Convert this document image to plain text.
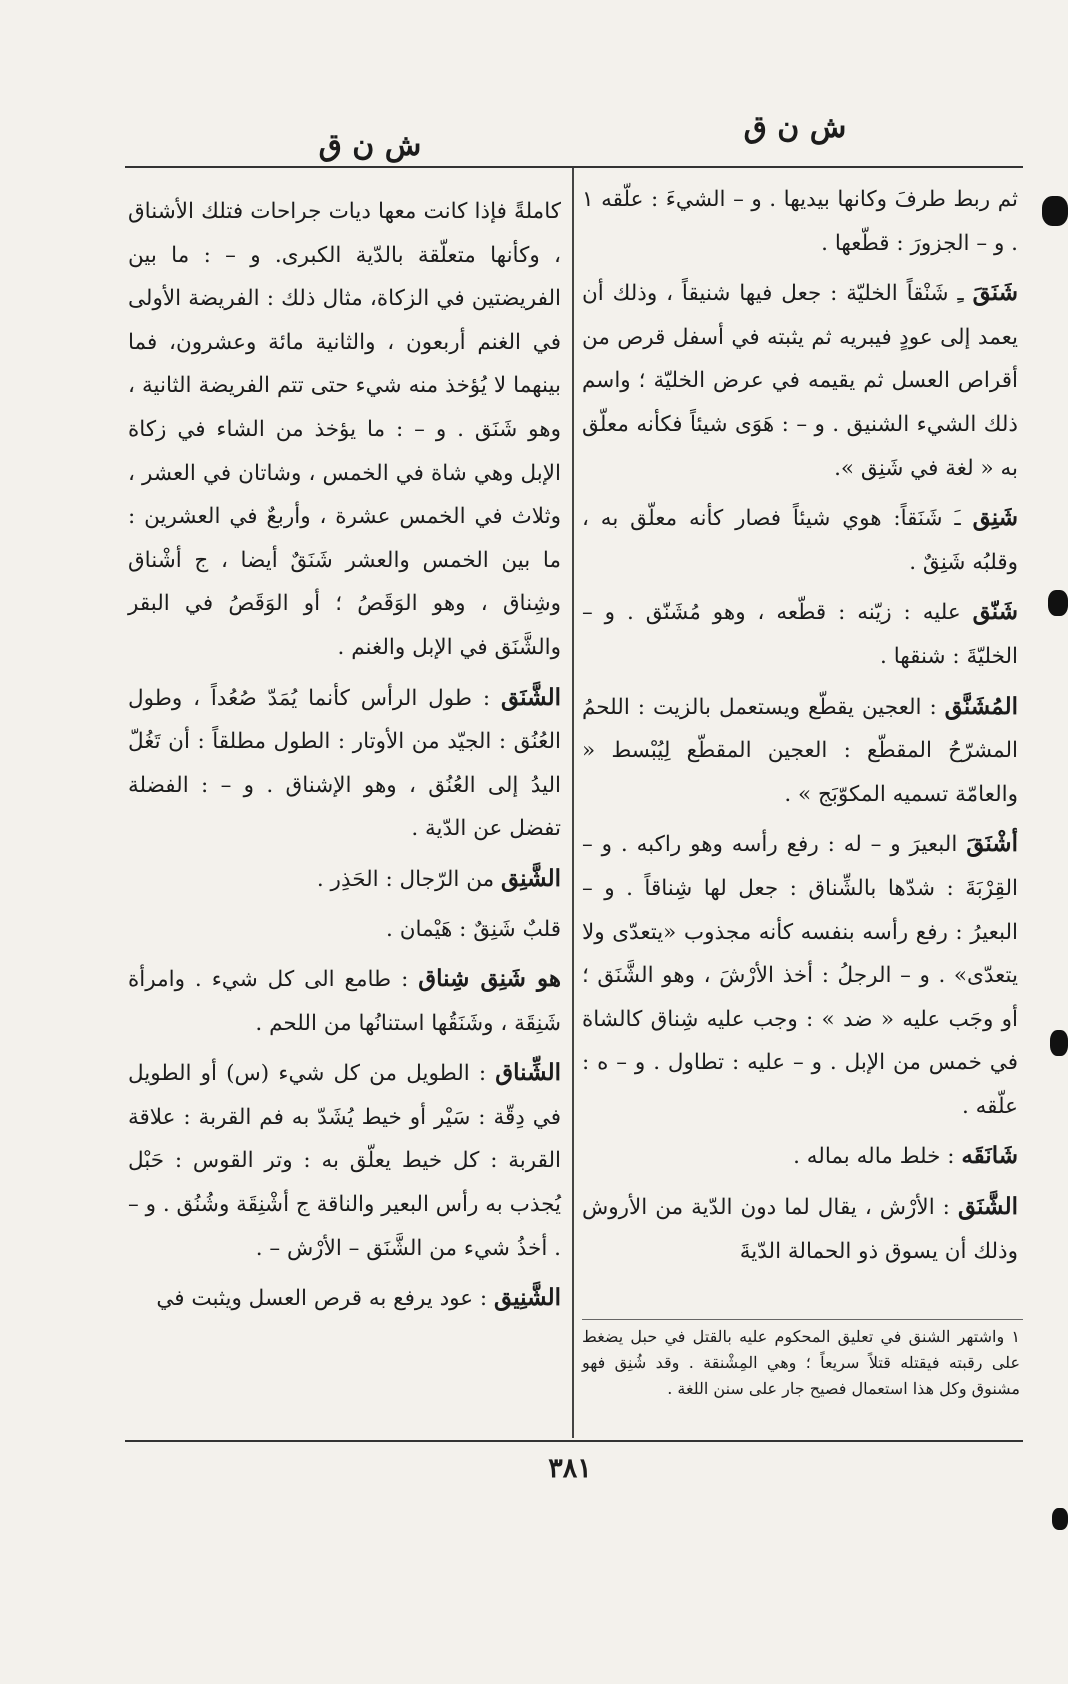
ش ن ق
ش ن ق

ثم ربط طرفَ وكانها بيديها . و – الشيءَ : علّقه ١ . و – الجزورَ : قطّعها .

شَنَقَ ـِ شَنْقاً الخليّة : جعل فيها شنيقاً ، وذلك أن يعمد إلى عودٍ فيبريه ثم يثبته في أسفل قرص من أقراص العسل ثم يقيمه في عرض الخليّة ؛ واسم ذلك الشيء الشنيق . و – : هَوَى شيئاً فكأنه معلّق به « لغة في شَنِق ».

شَنِق ـَ شَنَقاً: هوي شيئاً فصار كأنه معلّق به ، وقلبُه شَنِقٌ .

شَنّق عليه : زيّنه : قطّعه ، وهو مُشَنّق . و – الخليّةَ : شنقها .

المُشَنَّق : العجين يقطّع ويستعمل بالزيت : اللحمُ المشرّحُ المقطّع : العجين المقطّع لِيُبْسط « والعامّة تسميه المكوّبَج » .

أشْنَقَ البعيرَ و – له : رفع رأسه وهو راكبه . و – القِرْبَةَ : شدّها بالشِّناق : جعل لها شِناقاً . و – البعيرُ : رفع رأسه بنفسه كأنه مجذوب «يتعدّى ولا يتعدّى» . و – الرجلُ : أخذ الأرْشَ ، وهو الشَّنَق ؛ أو وجَب عليه « ضد » : وجب عليه شِناق كالشاة في خمس من الإبل . و – عليه : تطاول . و – ه : علّقه .

شَانَقَه : خلط ماله بماله .

الشَّنَق : الأرْش ، يقال لما دون الدّية من الأروش وذلك أن يسوق ذو الحمالة الدّيةَ

١ واشتهر الشنق في تعليق المحكوم عليه بالقتل في حبل يضغط على رقبته فيقتله قتلاً سريعاً ؛ وهي المِشْنقة . وقد شُنِق فهو مشنوق وكل هذا استعمال فصيح جار على سنن اللغة .

كاملةً فإذا كانت معها ديات جراحات فتلك الأشناق ، وكأنها متعلّقة بالدّية الكبرى. و – : ما بين الفريضتين في الزكاة، مثال ذلك : الفريضة الأولى في الغنم أربعون ، والثانية مائة وعشرون، فما بينهما لا يُؤخذ منه شيء حتى تتم الفريضة الثانية ، وهو شَنَق . و – : ما يؤخذ من الشاء في زكاة الإبل وهي شاة في الخمس ، وشاتان في العشر ، وثلاث في الخمس عشرة ، وأربعٌ في العشرين : ما بين الخمس والعشر شَنَقٌ أيضا ، ج أشْناق وشِناق ، وهو الوَقَصُ ؛ أو الوَقَصُ في البقر والشَّنَق في الإبل والغنم .

الشَّنَق : طول الرأس كأنما يُمَدّ صُعُداً ، وطول العُنُق : الجيّد من الأوتار : الطول مطلقاً : أن تَغُلّ اليدُ إلى العُنُق ، وهو الإشناق . و – : الفضلة تفضل عن الدّية .

الشَّنِق من الرّجال : الحَذِر .

قلبٌ شَنِقٌ : هَيْمان .

هو شَنِق شِناق : طامع الى كل شيء . وامرأة شَنِقَة ، وشَنَقُها استنانُها من اللحم .

الشِّناق : الطويل من كل شيء (س) أو الطويل في دِقّة : سَيْر أو خيط يُشَدّ به فم القربة : علاقة القربة : كل خيط يعلّق به : وتر القوس : حَبْل يُجذب به رأس البعير والناقة ج أشْنِقَة وشُنُق . و – . أخذُ شيء من الشَّنَق – الأرْش – .

الشَّنِيق : عود يرفع به قرص العسل ويثبت في

٣٨١
